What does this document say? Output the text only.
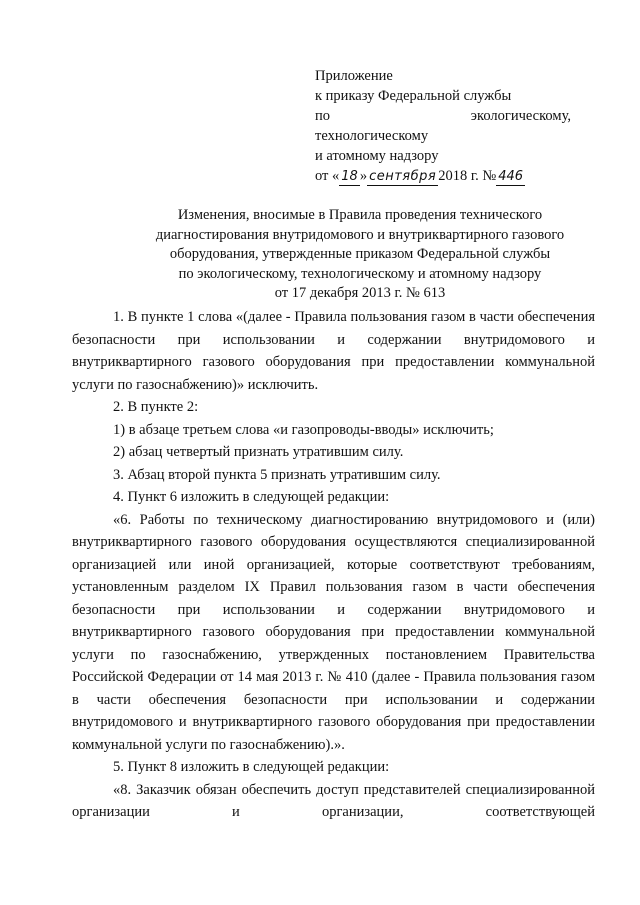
Приложение
к приказу Федеральной службы
по	экологическому,
технологическому
и атомному надзору
от « 18 » сентября 2018 г. № 446
Изменения, вносимые в Правила проведения технического
диагностирования внутридомового и внутриквартирного газового
оборудования, утвержденные приказом Федеральной службы
по экологическому, технологическому и атомному надзору
от 17 декабря 2013 г. № 613

1. В пункте 1 слова «(далее - Правила пользования газом в части обеспечения безопасности при использовании и содержании внутридомового и внутриквартирного газового оборудования при предоставлении коммунальной услуги по газоснабжению)» исключить.

2. В пункте 2:

1) в абзаце третьем слова «и газопроводы-вводы» исключить;

2) абзац четвертый признать утратившим силу.

3. Абзац второй пункта 5 признать утратившим силу.

4. Пункт 6 изложить в следующей редакции:

«6. Работы по техническому диагностированию внутридомового и (или) внутриквартирного газового оборудования осуществляются специализированной организацией или иной организацией, которые соответствуют требованиям, установленным разделом IX Правил пользования газом в части обеспечения безопасности при использовании и содержании внутридомового и внутриквартирного газового оборудования при предоставлении коммунальной услуги по газоснабжению, утвержденных постановлением Правительства Российской Федерации от 14 мая 2013 г. № 410 (далее - Правила пользования газом в части обеспечения безопасности при использовании и содержании внутридомового и внутриквартирного газового оборудования при предоставлении коммунальной услуги по газоснабжению).».

5. Пункт 8 изложить в следующей редакции:

«8. Заказчик обязан обеспечить доступ представителей специализированной организации и организации, соответствующей
